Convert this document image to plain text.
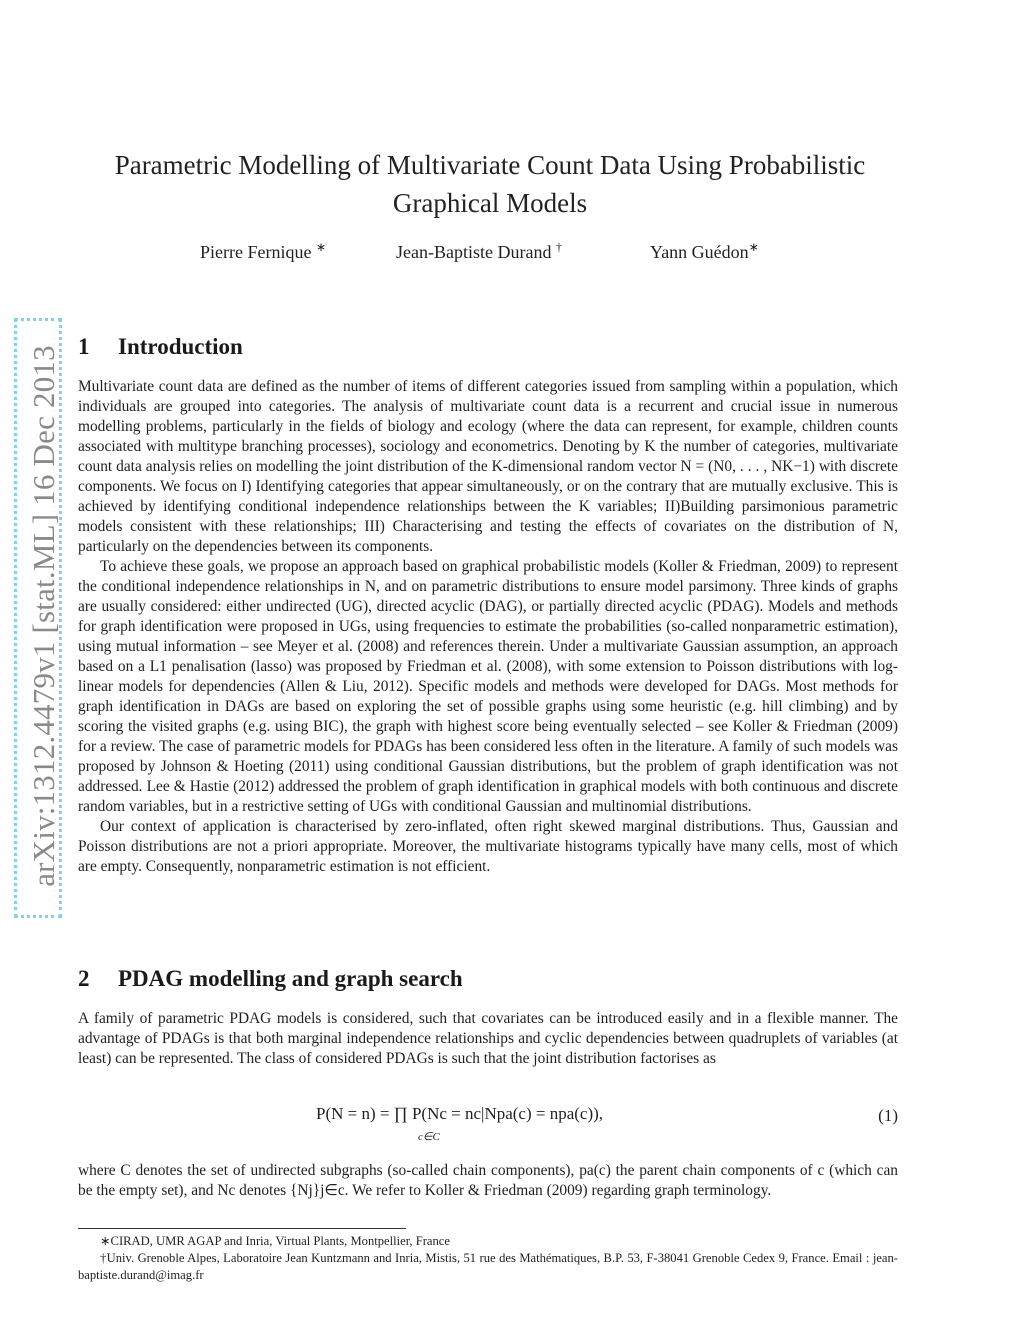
arXiv:1312.4479v1 [stat.ML] 16 Dec 2013
Parametric Modelling of Multivariate Count Data Using Probabilistic Graphical Models
Pierre Fernique ∗	Jean-Baptiste Durand †	Yann Guédon∗
1 Introduction

Multivariate count data are defined as the number of items of different categories issued from sampling within a population, which individuals are grouped into categories. The analysis of multivariate count data is a recurrent and crucial issue in numerous modelling problems, particularly in the fields of biology and ecology (where the data can represent, for example, children counts associated with multitype branching processes), sociology and econometrics. Denoting by K the number of categories, multivariate count data analysis relies on modelling the joint distribution of the K-dimensional random vector N = (N0, . . . , NK−1) with discrete components. We focus on I) Identifying categories that appear simultaneously, or on the contrary that are mutually exclusive. This is achieved by identifying conditional independence relationships between the K variables; II)Building parsimonious parametric models consistent with these relationships; III) Characterising and testing the effects of covariates on the distribution of N, particularly on the dependencies between its components.

To achieve these goals, we propose an approach based on graphical probabilistic models (Koller & Friedman, 2009) to represent the conditional independence relationships in N, and on parametric distributions to ensure model parsimony. Three kinds of graphs are usually considered: either undirected (UG), directed acyclic (DAG), or partially directed acyclic (PDAG). Models and methods for graph identification were proposed in UGs, using frequencies to estimate the probabilities (so-called nonparametric estimation), using mutual information – see Meyer et al. (2008) and references therein. Under a multivariate Gaussian assumption, an approach based on a L1 penalisation (lasso) was proposed by Friedman et al. (2008), with some extension to Poisson distributions with log-linear models for dependencies (Allen & Liu, 2012). Specific models and methods were developed for DAGs. Most methods for graph identification in DAGs are based on exploring the set of possible graphs using some heuristic (e.g. hill climbing) and by scoring the visited graphs (e.g. using BIC), the graph with highest score being eventually selected – see Koller & Friedman (2009) for a review. The case of parametric models for PDAGs has been considered less often in the literature. A family of such models was proposed by Johnson & Hoeting (2011) using conditional Gaussian distributions, but the problem of graph identification was not addressed. Lee & Hastie (2012) addressed the problem of graph identification in graphical models with both continuous and discrete random variables, but in a restrictive setting of UGs with conditional Gaussian and multinomial distributions.

Our context of application is characterised by zero-inflated, often right skewed marginal distributions. Thus, Gaussian and Poisson distributions are not a priori appropriate. Moreover, the multivariate histograms typically have many cells, most of which are empty. Consequently, nonparametric estimation is not efficient.

2 PDAG modelling and graph search

A family of parametric PDAG models is considered, such that covariates can be introduced easily and in a flexible manner. The advantage of PDAGs is that both marginal independence relationships and cyclic dependencies between quadruplets of variables (at least) can be represented. The class of considered PDAGs is such that the joint distribution factorises as

P(N = n) = ∏ P(Nc = nc|Npa(c) = npa(c)),
c∈C
(1)

where C denotes the set of undirected subgraphs (so-called chain components), pa(c) the parent chain components of c (which can be the empty set), and Nc denotes {Nj}j∈c. We refer to Koller & Friedman (2009) regarding graph terminology.

∗CIRAD, UMR AGAP and Inria, Virtual Plants, Montpellier, France

†Univ. Grenoble Alpes, Laboratoire Jean Kuntzmann and Inria, Mistis, 51 rue des Mathématiques, B.P. 53, F-38041 Grenoble Cedex 9, France. Email : jean-baptiste.durand@imag.fr
